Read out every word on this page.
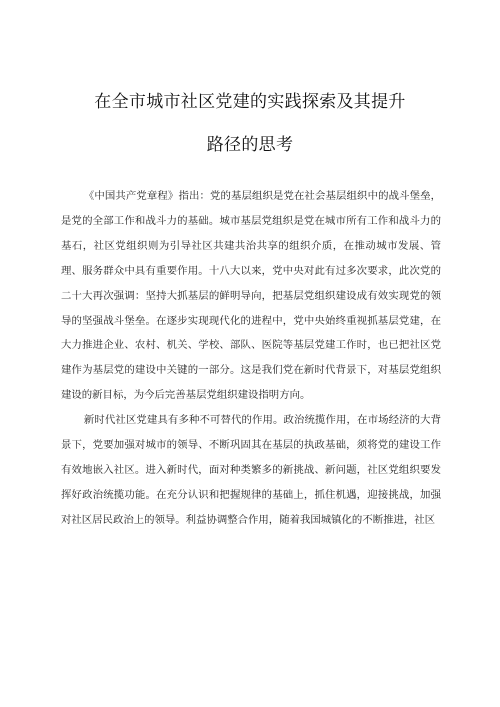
在全市城市社区党建的实践探索及其提升
路径的思考

《中国共产党章程》指出：党的基层组织是党在社会基层组织中的战斗堡垒，是党的全部工作和战斗力的基础。城市基层党组织是党在城市所有工作和战斗力的基石，社区党组织则为引导社区共建共治共享的组织介质，在推动城市发展、管理、服务群众中具有重要作用。十八大以来，党中央对此有过多次要求，此次党的二十大再次强调：坚持大抓基层的鲜明导向，把基层党组织建设成有效实现党的领导的坚强战斗堡垒。在逐步实现现代化的进程中，党中央始终重视抓基层党建，在大力推进企业、农村、机关、学校、部队、医院等基层党建工作时，也已把社区党建作为基层党的建设中关键的一部分。这是我们党在新时代背景下，对基层党组织建设的新目标，为今后完善基层党组织建设指明方向。

新时代社区党建具有多种不可替代的作用。政治统揽作用，在市场经济的大背景下，党要加强对城市的领导、不断巩固其在基层的执政基础，须将党的建设工作有效地嵌入社区。进入新时代，面对种类繁多的新挑战、新问题，社区党组织要发挥好政治统揽功能。在充分认识和把握规律的基础上，抓住机遇，迎接挑战，加强对社区居民政治上的领导。利益协调整合作用，随着我国城镇化的不断推进，社区
